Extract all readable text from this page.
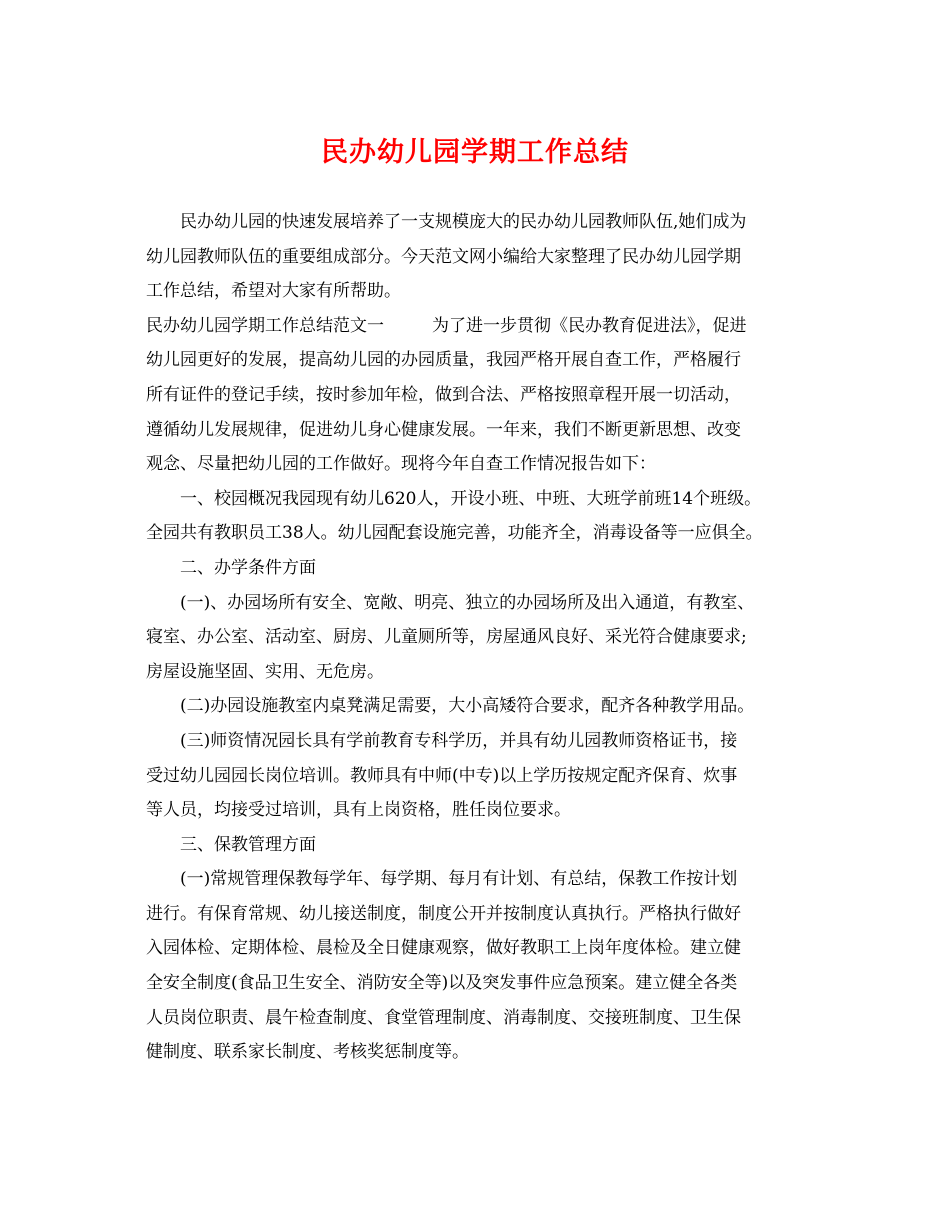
民办幼儿园学期工作总结
民办幼儿园的快速发展培养了一支规模庞大的民办幼儿园教师队伍,她们成为
幼儿园教师队伍的重要组成部分。今天范文网小编给大家整理了民办幼儿园学期
工作总结，希望对大家有所帮助。
民办幼儿园学期工作总结范文一	为了进一步贯彻《民办教育促进法》，促进
幼儿园更好的发展，提高幼儿园的办园质量，我园严格开展自查工作，严格履行
所有证件的登记手续，按时参加年检，做到合法、严格按照章程开展一切活动，
遵循幼儿发展规律，促进幼儿身心健康发展。一年来，我们不断更新思想、改变
观念、尽量把幼儿园的工作做好。现将今年自查工作情况报告如下：
一、校园概况我园现有幼儿620人，开设小班、中班、大班学前班14个班级。
全园共有教职员工38人。幼儿园配套设施完善，功能齐全，消毒设备等一应俱全。
二、办学条件方面
(一)、办园场所有安全、宽敞、明亮、独立的办园场所及出入通道，有教室、
寝室、办公室、活动室、厨房、儿童厕所等，房屋通风良好、采光符合健康要求;
房屋设施坚固、实用、无危房。
(二)办园设施教室内桌凳满足需要，大小高矮符合要求，配齐各种教学用品。
(三)师资情况园长具有学前教育专科学历，并具有幼儿园教师资格证书，接
受过幼儿园园长岗位培训。教师具有中师(中专)以上学历按规定配齐保育、炊事
等人员，均接受过培训，具有上岗资格，胜任岗位要求。
三、保教管理方面
(一)常规管理保教每学年、每学期、每月有计划、有总结，保教工作按计划
进行。有保育常规、幼儿接送制度，制度公开并按制度认真执行。严格执行做好
入园体检、定期体检、晨检及全日健康观察，做好教职工上岗年度体检。建立健
全安全制度(食品卫生安全、消防安全等)以及突发事件应急预案。建立健全各类
人员岗位职责、晨午检查制度、食堂管理制度、消毒制度、交接班制度、卫生保
健制度、联系家长制度、考核奖惩制度等。
